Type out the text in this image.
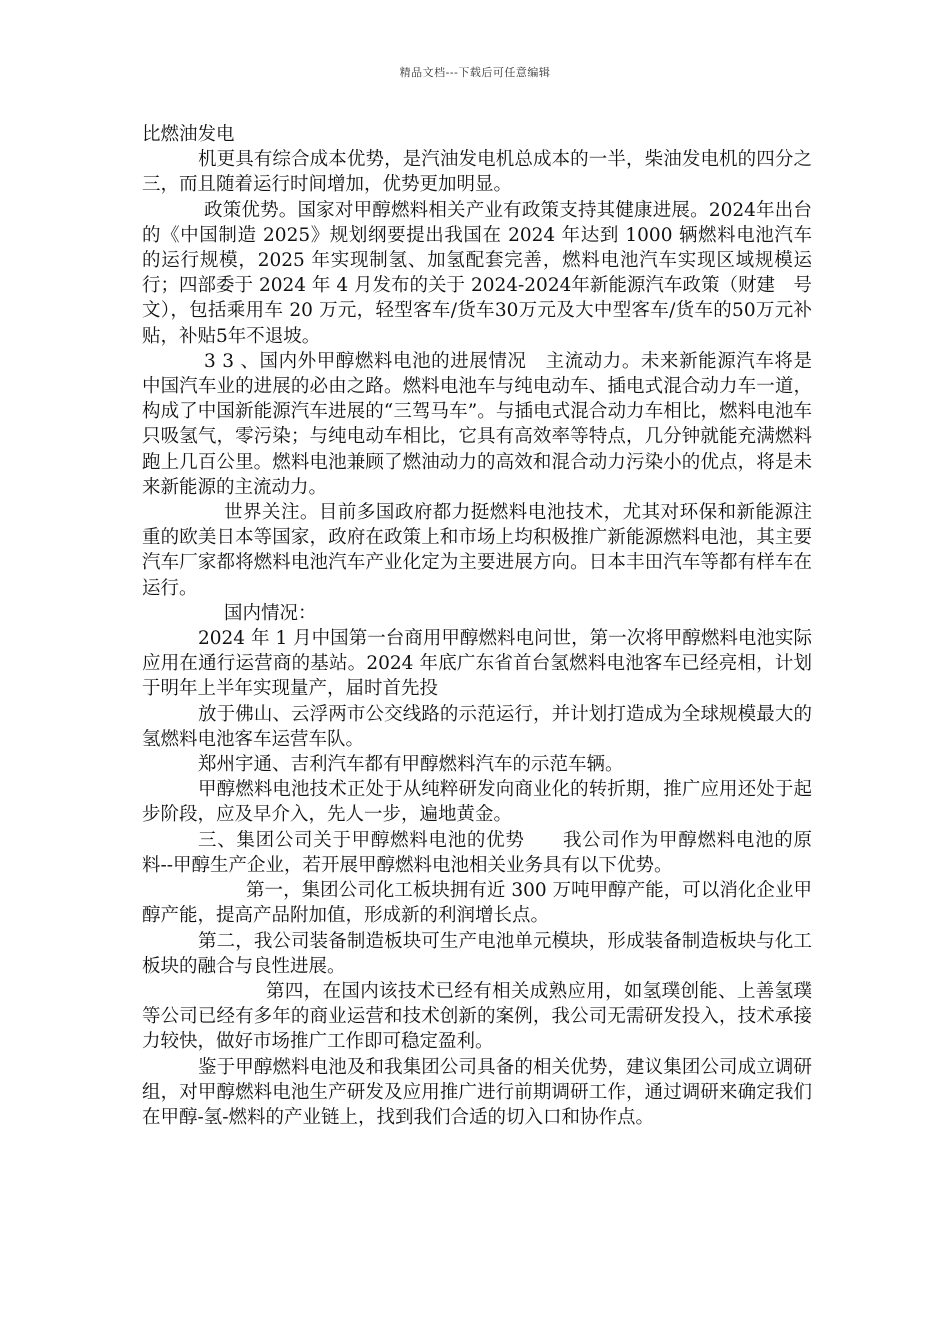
精品文档---下载后可任意编辑

比燃油发电

机更具有综合成本优势，是汽油发电机总成本的一半，柴油发电机的四分之三，而且随着运行时间增加，优势更加明显。

政策优势。国家对甲醇燃料相关产业有政策支持其健康进展。2024年出台的《中国制造 2025》规划纲要提出我国在 2024 年达到 1000 辆燃料电池汽车的运行规模，2025 年实现制氢、加氢配套完善，燃料电池汽车实现区域规模运行；四部委于 2024 年 4 月发布的关于 2024-2024年新能源汽车政策（财建　号文），包括乘用车 20 万元，轻型客车/货车30万元及大中型客车/货车的50万元补贴，补贴5年不退坡。

3 3 、国内外甲醇燃料电池的进展情况　主流动力。未来新能源汽车将是中国汽车业的进展的必由之路。燃料电池车与纯电动车、插电式混合动力车一道，构成了中国新能源汽车进展的“三驾马车”。与插电式混合动力车相比，燃料电池车只吸氢气，零污染；与纯电动车相比，它具有高效率等特点，几分钟就能充满燃料跑上几百公里。燃料电池兼顾了燃油动力的高效和混合动力污染小的优点，将是未来新能源的主流动力。

世界关注。目前多国政府都力挺燃料电池技术，尤其对环保和新能源注重的欧美日本等国家，政府在政策上和市场上均积极推广新能源燃料电池，其主要汽车厂家都将燃料电池汽车产业化定为主要进展方向。日本丰田汽车等都有样车在运行。

国内情况：

2024 年 1 月中国第一台商用甲醇燃料电问世，第一次将甲醇燃料电池实际应用在通行运营商的基站。2024 年底广东省首台氢燃料电池客车已经亮相，计划于明年上半年实现量产，届时首先投

放于佛山、云浮两市公交线路的示范运行，并计划打造成为全球规模最大的氢燃料电池客车运营车队。

郑州宇通、吉利汽车都有甲醇燃料汽车的示范车辆。

甲醇燃料电池技术正处于从纯粹研发向商业化的转折期，推广应用还处于起步阶段，应及早介入，先人一步，遍地黄金。

三、集团公司关于甲醇燃料电池的优势　　我公司作为甲醇燃料电池的原料--甲醇生产企业，若开展甲醇燃料电池相关业务具有以下优势。

第一，集团公司化工板块拥有近 300 万吨甲醇产能，可以消化企业甲醇产能，提高产品附加值，形成新的利润增长点。

第二，我公司装备制造板块可生产电池单元模块，形成装备制造板块与化工板块的融合与良性进展。

第四，在国内该技术已经有相关成熟应用，如氢璞创能、上善氢璞等公司已经有多年的商业运营和技术创新的案例，我公司无需研发投入，技术承接力较快，做好市场推广工作即可稳定盈利。

鉴于甲醇燃料电池及和我集团公司具备的相关优势，建议集团公司成立调研组，对甲醇燃料电池生产研发及应用推广进行前期调研工作，通过调研来确定我们在甲醇-氢-燃料的产业链上，找到我们合适的切入口和协作点。
